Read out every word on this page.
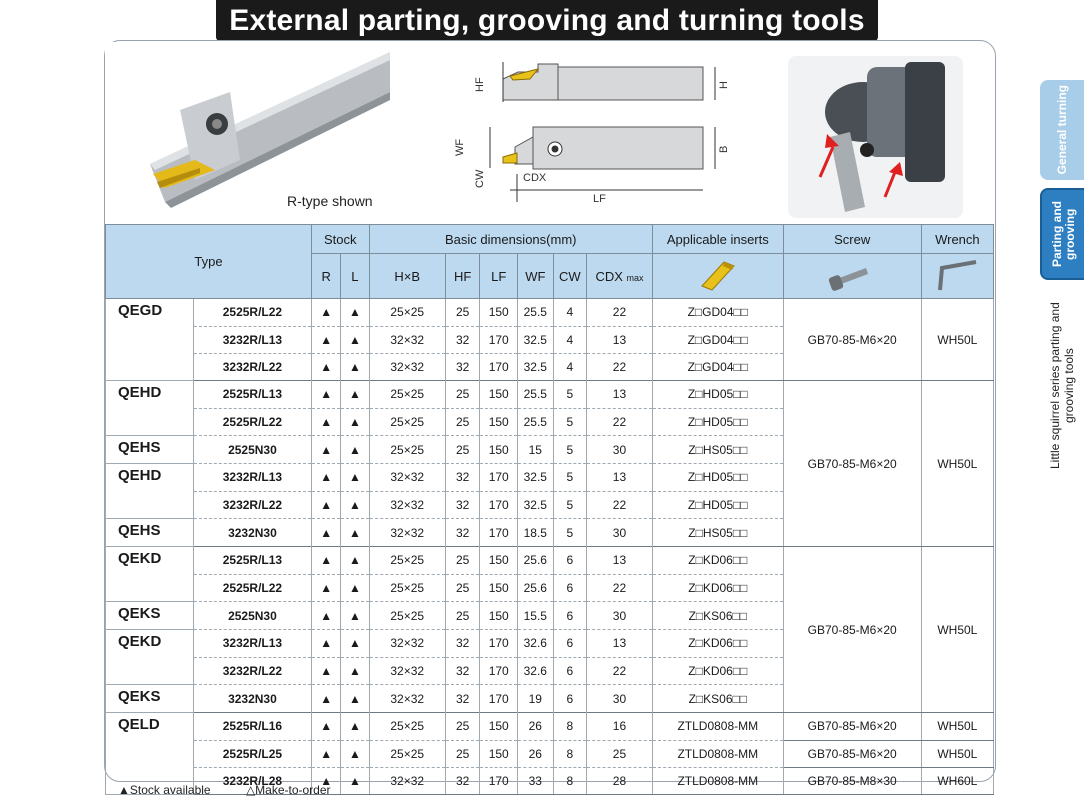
External parting, grooving and turning tools
HF	H
WF	B
CW	CDX
LF
R-type shown
Type		Stock		Basic dimensions(mm)						Applicable inserts	Screw	Wrench
		R	L	H×B	HF	LF	WF	CW	CDX max			
QEGD	2525R/L22	▲	▲	25×25	25	150	25.5	4	22	Z□GD04□□	GB70-85-M6×20	WH50L
	3232R/L13	▲	▲	32×32	32	170	32.5	4	13	Z□GD04□□		
	3232R/L22	▲	▲	32×32	32	170	32.5	4	22	Z□GD04□□		
QEHD	2525R/L13	▲	▲	25×25	25	150	25.5	5	13	Z□HD05□□	GB70-85-M6×20	WH50L
	2525R/L22	▲	▲	25×25	25	150	25.5	5	22	Z□HD05□□		
QEHS	2525N30	▲	▲	25×25	25	150	15	5	30	Z□HS05□□		
QEHD	3232R/L13	▲	▲	32×32	32	170	32.5	5	13	Z□HD05□□		
	3232R/L22	▲	▲	32×32	32	170	32.5	5	22	Z□HD05□□		
QEHS	3232N30	▲	▲	32×32	32	170	18.5	5	30	Z□HS05□□		
QEKD	2525R/L13	▲	▲	25×25	25	150	25.6	6	13	Z□KD06□□	GB70-85-M6×20	WH50L
	2525R/L22	▲	▲	25×25	25	150	25.6	6	22	Z□KD06□□		
QEKS	2525N30	▲	▲	25×25	25	150	15.5	6	30	Z□KS06□□		
QEKD	3232R/L13	▲	▲	32×32	32	170	32.6	6	13	Z□KD06□□		
	3232R/L22	▲	▲	32×32	32	170	32.6	6	22	Z□KD06□□		
QEKS	3232N30	▲	▲	32×32	32	170	19	6	30	Z□KS06□□		
QELD	2525R/L16	▲	▲	25×25	25	150	26	8	16	ZTLD0808-MM	GB70-85-M6×20	WH50L
	2525R/L25	▲	▲	25×25	25	150	26	8	25	ZTLD0808-MM	GB70-85-M6×20	WH50L
	3232R/L28	▲	▲	32×32	32	170	33	8	28	ZTLD0808-MM	GB70-85-M8×30	WH60L
▲Stock available	△Make-to-order
General turning
Parting and grooving
Little squirrel series parting and grooving tools
